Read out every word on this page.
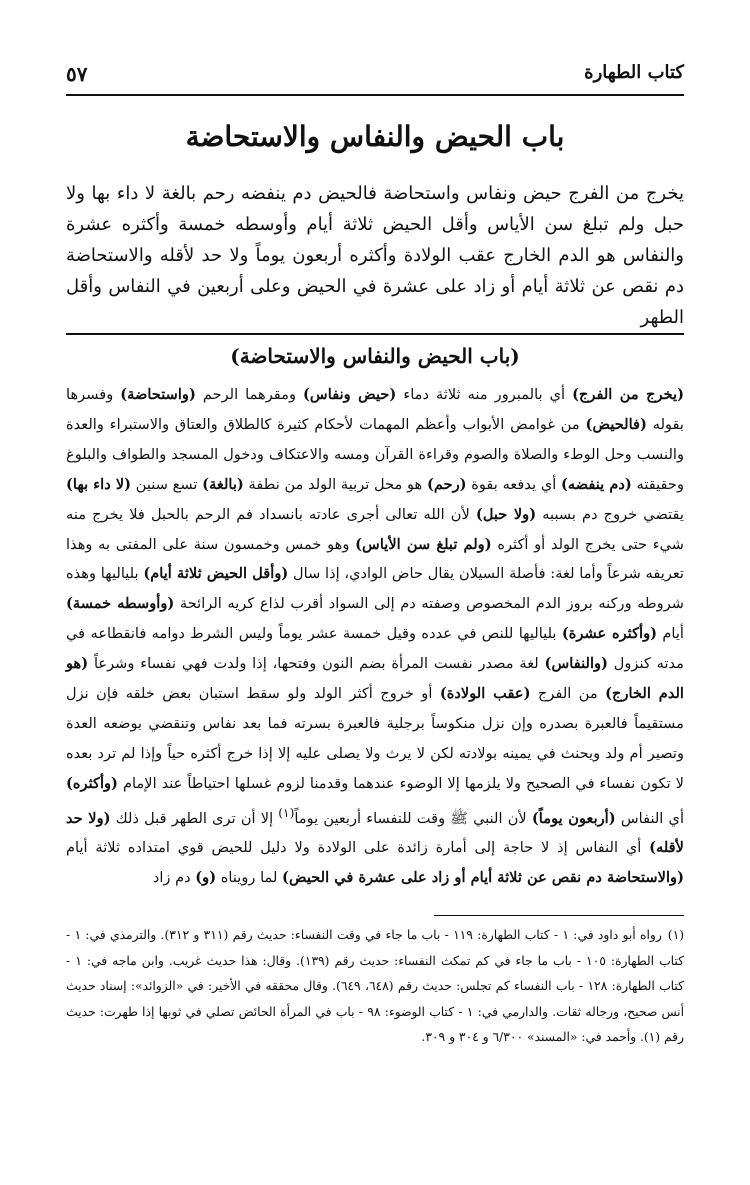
كتاب الطهارة
٥٧
باب الحيض والنفاس والاستحاضة

يخرج من الفرج حيض ونفاس واستحاضة فالحيض دم ينفضه رحم بالغة لا داء بها ولا حبل ولم تبلغ سن الأياس وأقل الحيض ثلاثة أيام وأوسطه خمسة وأكثره عشرة والنفاس هو الدم الخارج عقب الولادة وأكثره أربعون يوماً ولا حد لأقله والاستحاضة دم نقص عن ثلاثة أيام أو زاد على عشرة في الحيض وعلى أربعين في النفاس وأقل الطهر

(باب الحيض والنفاس والاستحاضة)

(يخرج من الفرج) أي بالمبرور منه ثلاثة دماء (حيض ونفاس) ومقرهما الرحم (واستحاضة) وفسرها بقوله (فالحيض) من غوامض الأبواب وأعظم المهمات لأحكام كثيرة كالطلاق والعتاق والاستبراء والعدة والنسب وحل الوطء والصلاة والصوم وقراءة القرآن ومسه والاعتكاف ودخول المسجد والطواف والبلوغ وحقيقته (دم ينفضه) أي يدفعه بقوة (رحم) هو محل تربية الولد من نطفة (بالغة) تسع سنين (لا داء بها) يقتضي خروج دم بسببه (ولا حبل) لأن الله تعالى أجرى عادته بانسداد فم الرحم بالحبل فلا يخرج منه شيء حتى يخرج الولد أو أكثره (ولم تبلغ سن الأياس) وهو خمس وخمسون سنة على المفتى به وهذا تعريفه شرعاً وأما لغة: فأصلة السيلان يقال حاض الوادي، إذا سال (وأقل الحيض ثلاثة أيام) بلياليها وهذه شروطه وركنه بروز الدم المخصوص وصفته دم إلى السواد أقرب لذاع كريه الرائحة (وأوسطه خمسة) أيام (وأكثره عشرة) بلياليها للنص في عدده وقيل خمسة عشر يوماً وليس الشرط دوامه فانقطاعه في مدته كنزول (والنفاس) لغة مصدر نفست المرأة بضم النون وفتحها، إذا ولدت فهي نفساء وشرعاً (هو الدم الخارج) من الفرج (عقب الولادة) أو خروج أكثر الولد ولو سقط استبان بعض خلقه فإن نزل مستقيماً فالعبرة بصدره وإن نزل منكوساً برجلية فالعبرة بسرته فما بعد نفاس وتنقضي بوضعه العدة وتصير أم ولد ويحنث في يمينه بولادته لكن لا يرث ولا يصلى عليه إلا إذا خرج أكثره حياً وإذا لم ترد بعده لا تكون نفساء في الصحيح ولا يلزمها إلا الوضوء عندهما وقدمنا لزوم غسلها احتياطاً عند الإمام (وأكثره) أي النفاس (أربعون يوماً) لأن النبي ﷺ وقت للنفساء أربعين يوماً$^{(١)}$ إلا أن ترى الطهر قبل ذلك (ولا حد لأقله) أي النفاس إذ لا حاجة إلى أمارة زائدة على الولادة ولا دليل للحيض قوي امتداده ثلاثة أيام (والاستحاضة دم نقص عن ثلاثة أيام أو زاد على عشرة في الحيض) لما رويناه (و) دم زاد

(١)رواه أبو داود في: ١ - كتاب الطهارة: ١١٩ - باب ما جاء في وقت النفساء: حديث رقم (٣١١ و ٣١٢). والترمذي في: ١ - كتاب الطهارة: ١٠٥ - باب ما جاء في كم تمكث النفساء: حديث رقم (١٣٩). وقال: هذا حديث غريب. وابن ماجه في: ١ - كتاب الطهارة: ١٢٨ - باب النفساء كم تجلس: حديث رقم (٦٤٨، ٦٤٩). وقال محققه في الأخير: في «الزوائد»: إسناد حديث أنس صحيح، ورجاله ثقات. والدارمي في: ١ - كتاب الوضوء: ٩٨ - باب في المرأة الحائض تصلي في ثوبها إذا طهرت: حديث رقم (١). وأحمد في: «المسند» ٦/٣٠٠ و ٣٠٤ و ٣٠٩.
